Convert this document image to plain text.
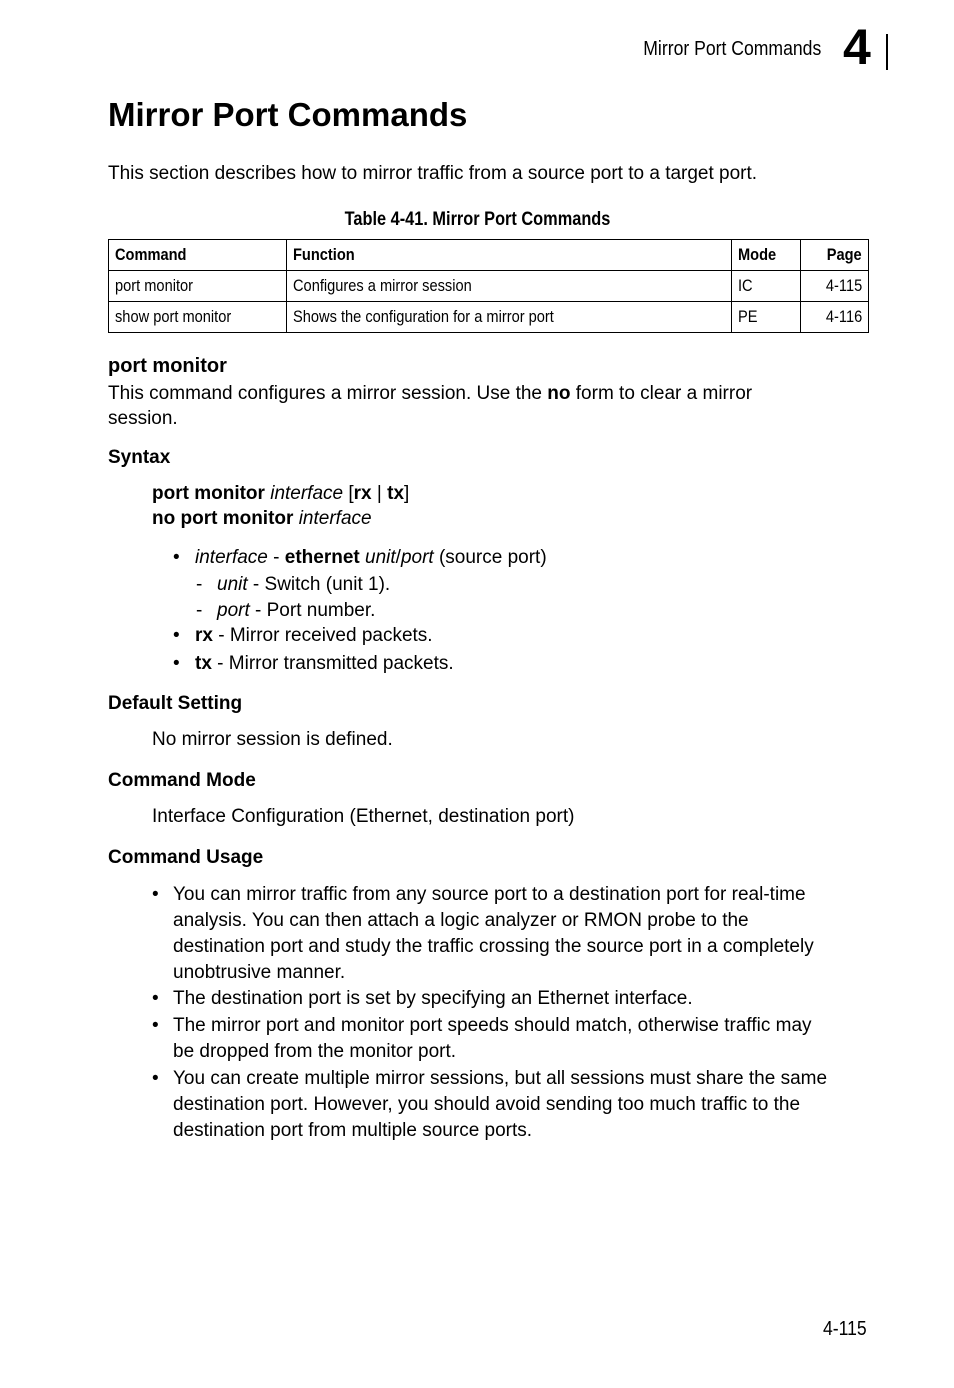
Mirror Port Commands 4
Mirror Port Commands
This section describes how to mirror traffic from a source port to a target port.
Table 4-41. Mirror Port Commands
Command	Function	Mode	Page
port monitor	Configures a mirror session	IC	4-115
show port monitor	Shows the configuration for a mirror port	PE	4-116
port monitor
This command configures a mirror session. Use the no form to clear a mirror
session.
Syntax
port monitor interface [rx | tx]
no port monitor interface
• interface - ethernet unit/port (source port)
- unit - Switch (unit 1).
- port - Port number.
• rx - Mirror received packets.
• tx - Mirror transmitted packets.
Default Setting
No mirror session is defined.
Command Mode
Interface Configuration (Ethernet, destination port)
Command Usage
• You can mirror traffic from any source port to a destination port for real-time
analysis. You can then attach a logic analyzer or RMON probe to the
destination port and study the traffic crossing the source port in a completely
unobtrusive manner.
• The destination port is set by specifying an Ethernet interface.
• The mirror port and monitor port speeds should match, otherwise traffic may
be dropped from the monitor port.
• You can create multiple mirror sessions, but all sessions must share the same
destination port. However, you should avoid sending too much traffic to the
destination port from multiple source ports.
4-115
